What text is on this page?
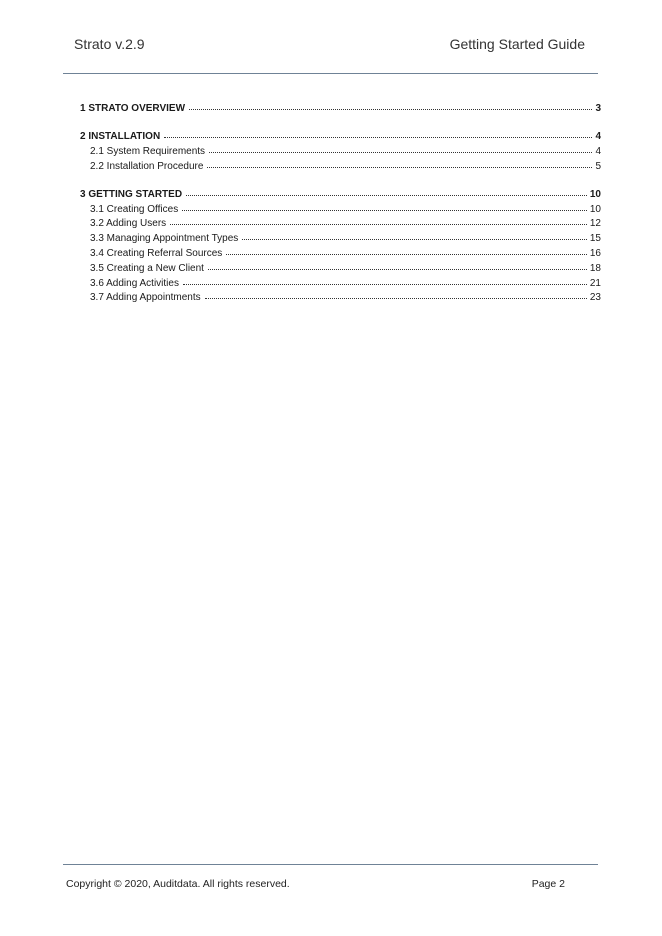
Strato v.2.9	Getting Started Guide
1 STRATO OVERVIEW	3
2 INSTALLATION	4
2.1 System Requirements	4
2.2 Installation Procedure	5
3 GETTING STARTED	10
3.1 Creating Offices	10
3.2 Adding Users	12
3.3 Managing Appointment Types	15
3.4 Creating Referral Sources	16
3.5 Creating a New Client	18
3.6 Adding Activities	21
3.7 Adding Appointments	23
Copyright © 2020, Auditdata. All rights reserved.	Page 2
